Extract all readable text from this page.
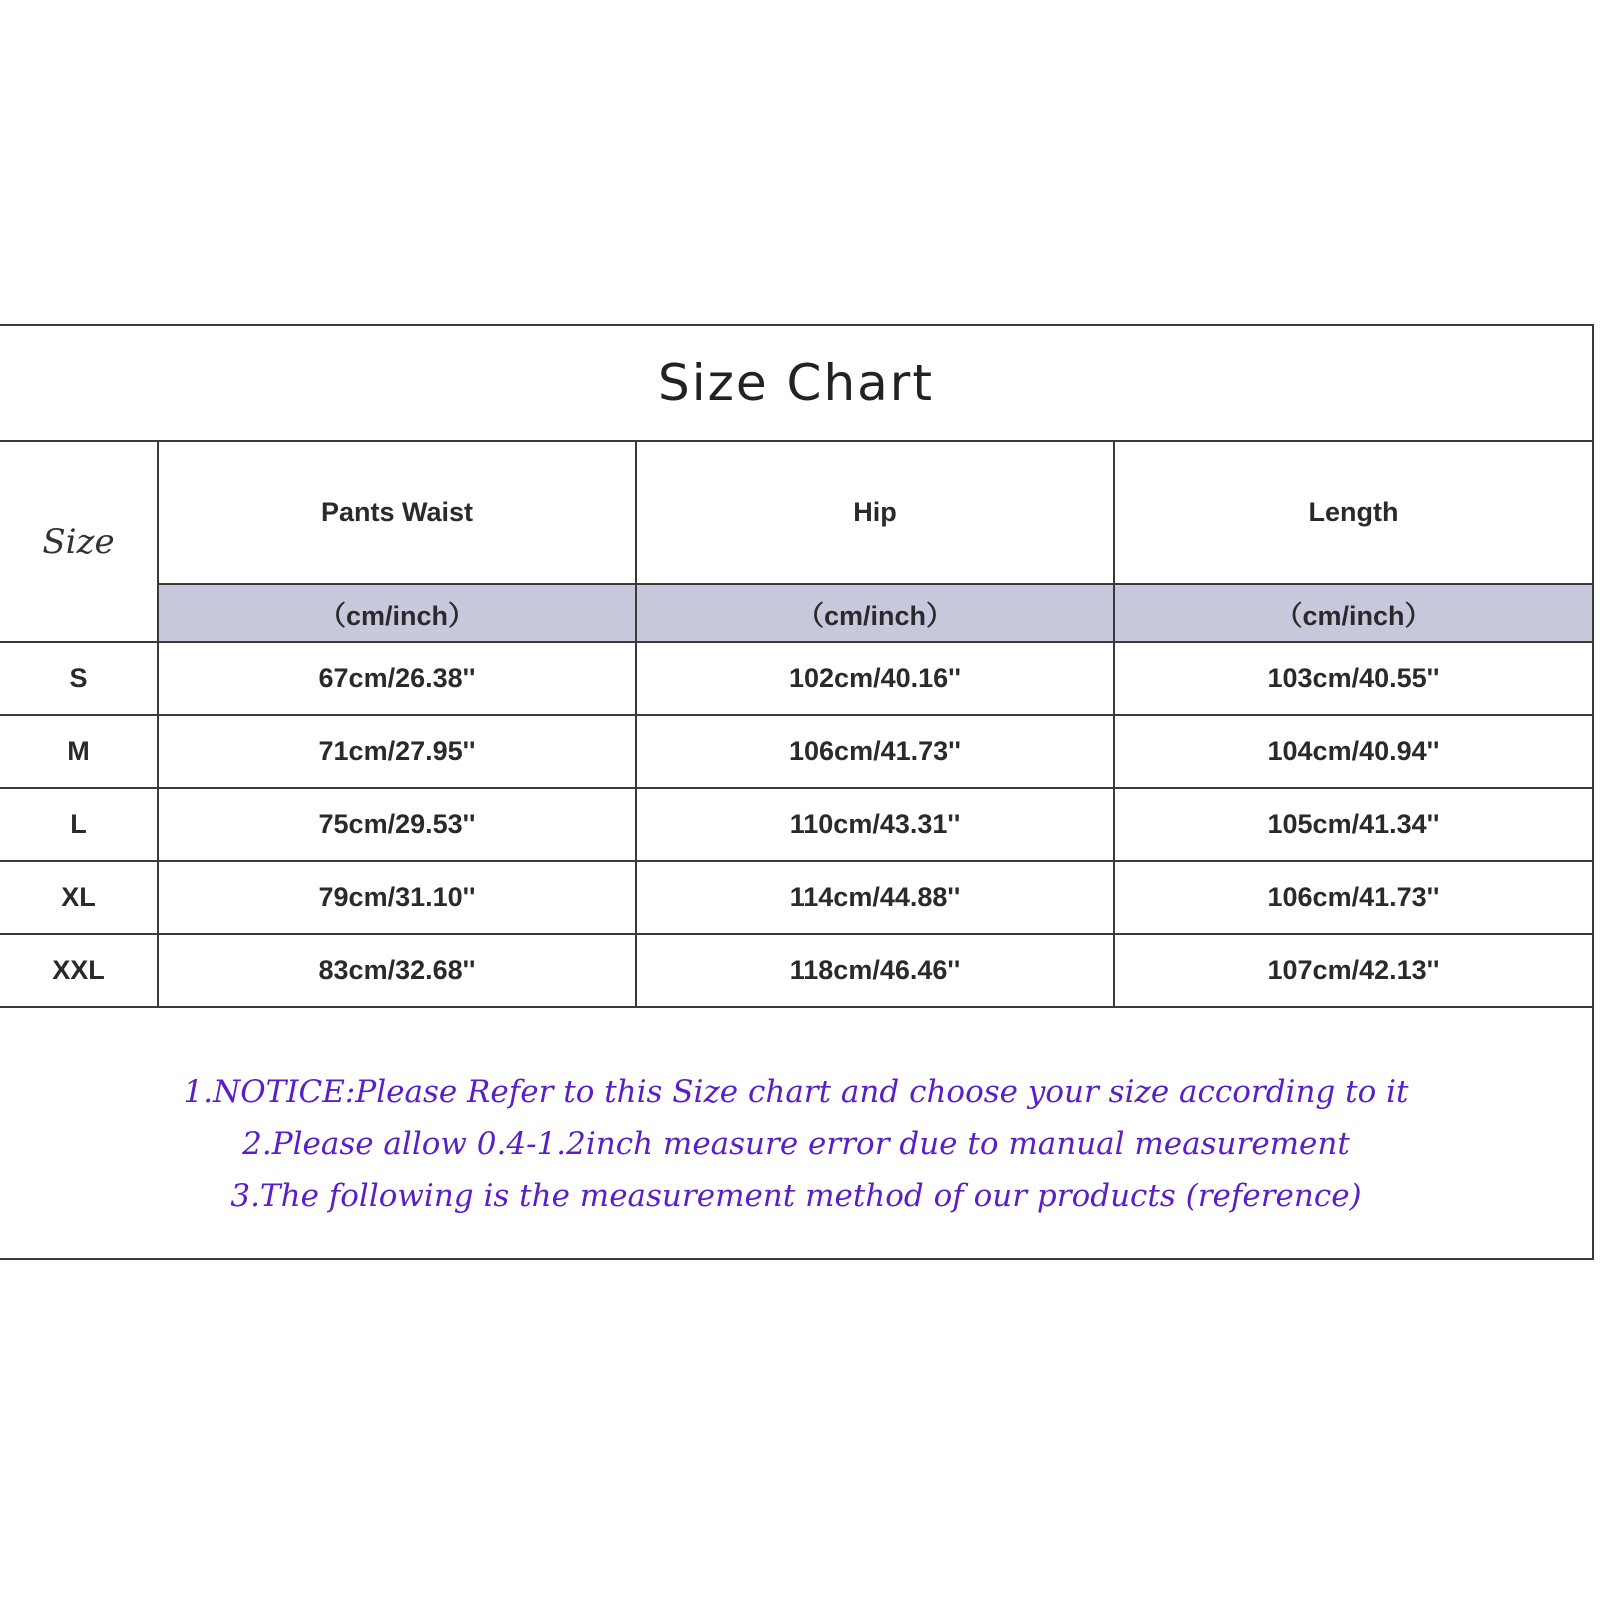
Size Chart
Size	Pants Waist	Hip	Length
	（cm/inch）	（cm/inch）	（cm/inch）
S	67cm/26.38''	102cm/40.16''	103cm/40.55''
M	71cm/27.95''	106cm/41.73''	104cm/40.94''
L	75cm/29.53''	110cm/43.31''	105cm/41.34''
XL	79cm/31.10''	114cm/44.88''	106cm/41.73''
XXL	83cm/32.68''	118cm/46.46''	107cm/42.13''
1.NOTICE:Please Refer to this Size chart and choose your size according to it
2.Please allow 0.4-1.2inch measure error due to manual measurement
3.The following is the measurement method of our products (reference)
